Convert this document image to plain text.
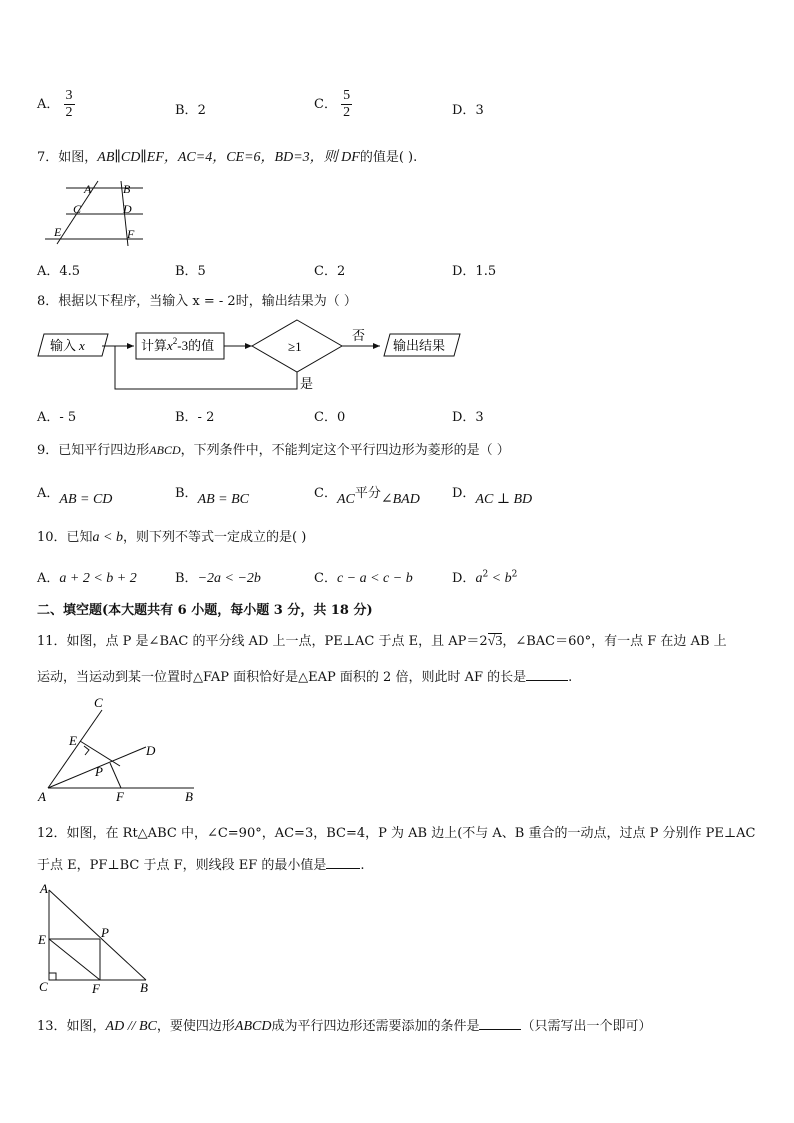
A． $\frac{3}{2}$	B．2	C． $\frac{5}{2}$	D．3
7．如图，AB∥CD∥EF，AC=4，CE=6，BD=3，则 DF的值是( ).
A	B
C	D
E	F
A．4.5	B．5	C．2	D．1.5
8．根据以下程序，当输入 x = - 2时，输出结果为（ ）
输入 x	计算$x^2-3$的值	≥1
否
输出结果
是
A．- 5	B．- 2	C．0	D．3
9．已知平行四边形ABCD，下列条件中，不能判定这个平行四边形为菱形的是（ ）
A．AB = CD	B．AB = BC	C．AC平分∠BAD D．AC ⊥ BD
10．已知a < b，则下列不等式一定成立的是( )
A．a + 2 < b + 2	B．−2a < −2b	C．c − a < c − b	D．$a^2 < b^2$
二、填空题(本大题共有 6 小题，每小题 3 分，共 18 分)
11．如图，点 P 是∠BAC 的平分线 AD 上一点，PE⊥AC 于点 E，且 AP＝2√3，∠BAC＝60°，有一点 F 在边 AB 上
运动，当运动到某一位置时△FAP 面积恰好是△EAP 面积的 2 倍，则此时 AF 的长是	.
C
E
D
P
A	F	B
12．如图，在 Rt△ABC 中，∠C=90°，AC=3，BC=4，P 为 AB 边上(不与 A、B 重合的一动点，过点 P 分别作 PE⊥AC
于点 E，PF⊥BC 于点 F，则线段 EF 的最小值是	.
A
E	P
C	F	B
13．如图，AD // BC，要使四边形ABCD成为平行四边形还需要添加的条件是	（只需写出一个即可）
